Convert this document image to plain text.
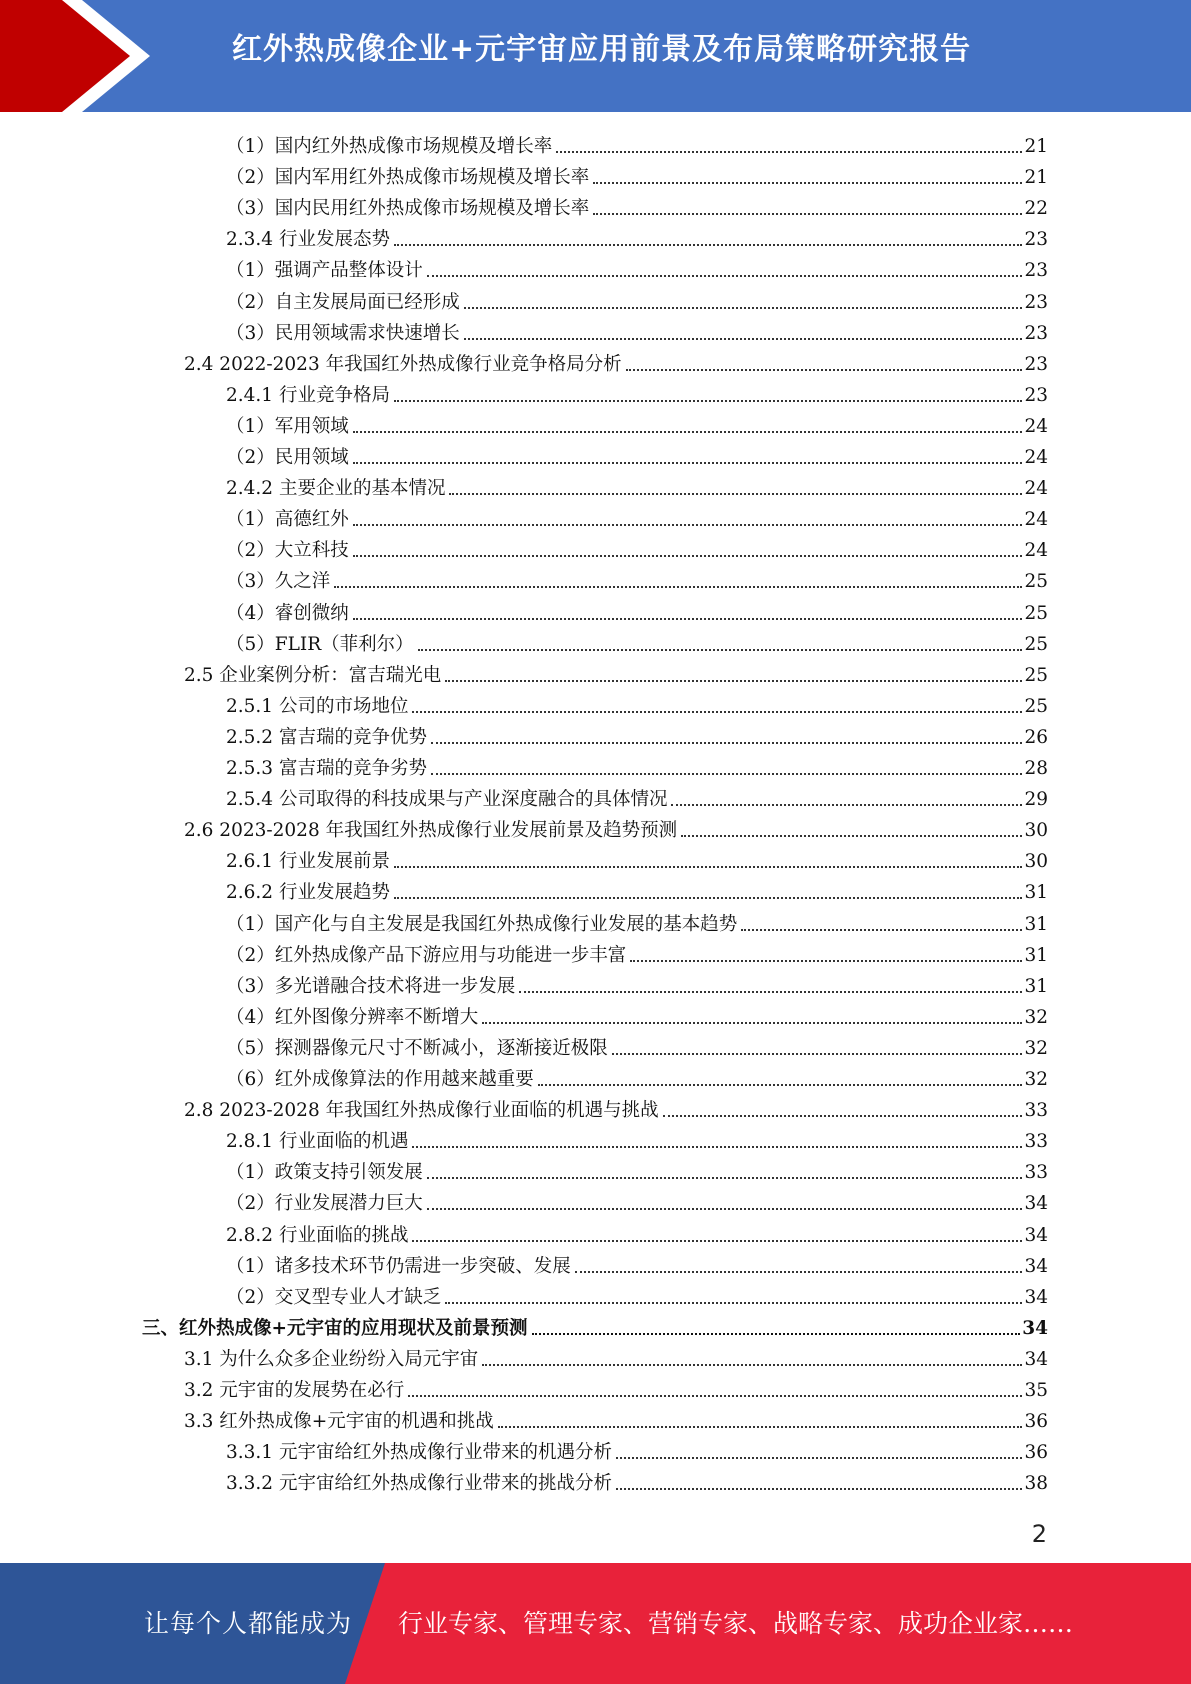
红外热成像企业+元宇宙应用前景及布局策略研究报告
（1）国内红外热成像市场规模及增长率	21
（2）国内军用红外热成像市场规模及增长率	21
（3）国内民用红外热成像市场规模及增长率	22
2.3.4 行业发展态势	23
（1）强调产品整体设计	23
（2）自主发展局面已经形成	23
（3）民用领域需求快速增长	23
2.4 2022-2023 年我国红外热成像行业竞争格局分析	23
2.4.1 行业竞争格局	23
（1）军用领域	24
（2）民用领域	24
2.4.2 主要企业的基本情况	24
（1）高德红外	24
（2）大立科技	24
（3）久之洋	25
（4）睿创微纳	25
（5）FLIR（菲利尔）	25
2.5 企业案例分析：富吉瑞光电	25
2.5.1 公司的市场地位	25
2.5.2 富吉瑞的竞争优势	26
2.5.3 富吉瑞的竞争劣势	28
2.5.4 公司取得的科技成果与产业深度融合的具体情况	29
2.6 2023-2028 年我国红外热成像行业发展前景及趋势预测	30
2.6.1 行业发展前景	30
2.6.2 行业发展趋势	31
（1）国产化与自主发展是我国红外热成像行业发展的基本趋势	31
（2）红外热成像产品下游应用与功能进一步丰富	31
（3）多光谱融合技术将进一步发展	31
（4）红外图像分辨率不断增大	32
（5）探测器像元尺寸不断减小，逐渐接近极限	32
（6）红外成像算法的作用越来越重要	32
2.8 2023-2028 年我国红外热成像行业面临的机遇与挑战	33
2.8.1 行业面临的机遇	33
（1）政策支持引领发展	33
（2）行业发展潜力巨大	34
2.8.2 行业面临的挑战	34
（1）诸多技术环节仍需进一步突破、发展	34
（2）交叉型专业人才缺乏	34
三、红外热成像+元宇宙的应用现状及前景预测	34
3.1 为什么众多企业纷纷入局元宇宙	34
3.2 元宇宙的发展势在必行	35
3.3 红外热成像+元宇宙的机遇和挑战	36
3.3.1 元宇宙给红外热成像行业带来的机遇分析	36
3.3.2 元宇宙给红外热成像行业带来的挑战分析	38
2
让每个人都能成为 行业专家、管理专家、营销专家、战略专家、成功企业家……
